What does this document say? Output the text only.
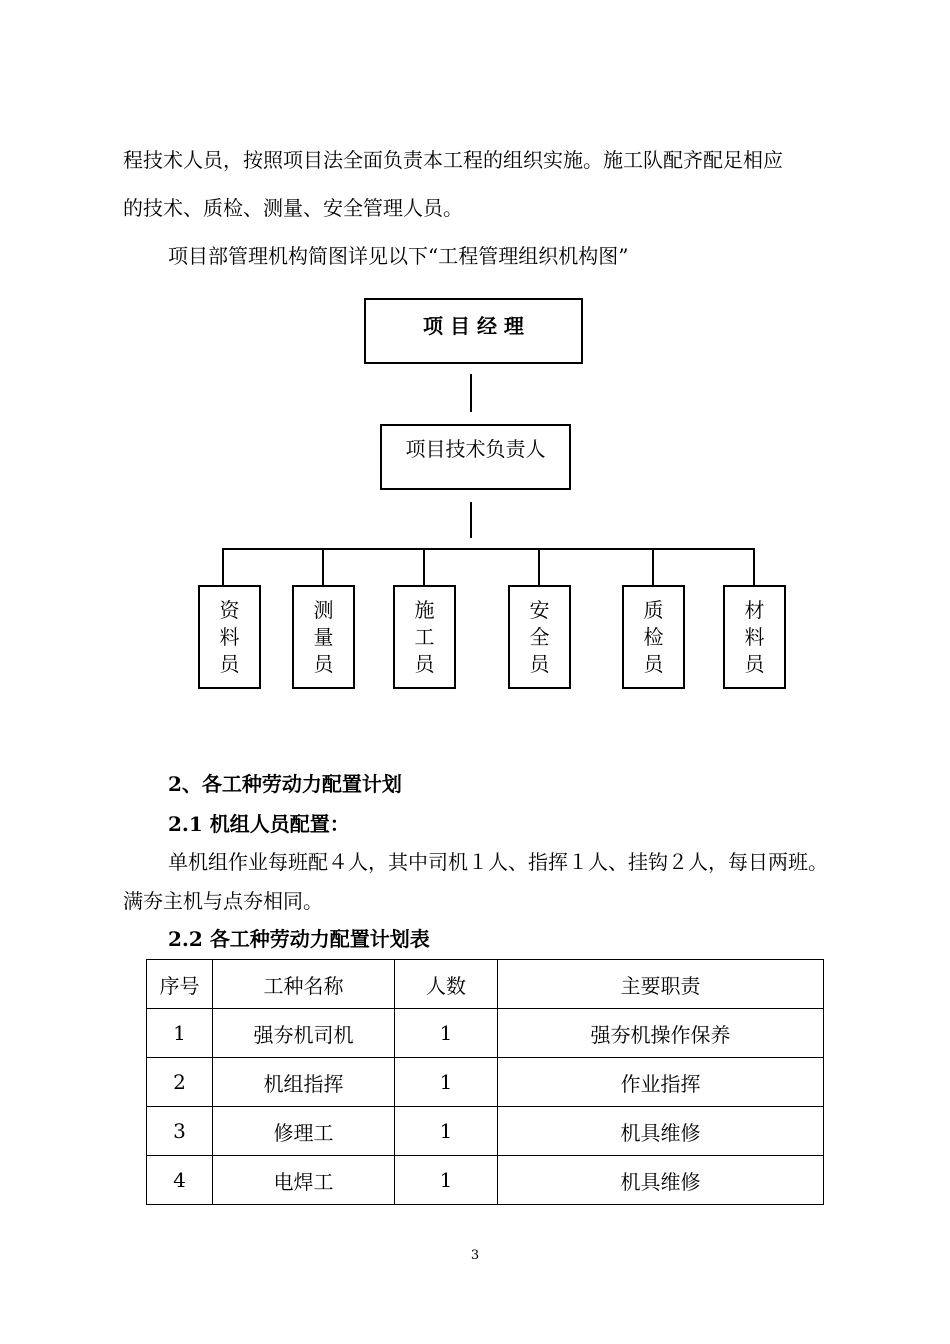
程技术人员，按照项目法全面负责本工程的组织实施。施工队配齐配足相应
的技术、质检、测量、安全管理人员。
项目部管理机构简图详见以下“工程管理组织机构图”
项 目 经 理
项目技术负责人
资
料
员
测
量
员
施
工
员
安
全
员
质
检
员
材
料
员
2、各工种劳动力配置计划
2.1 机组人员配置：
单机组作业每班配４人，其中司机１人、指挥１人、挂钩２人，每日两班。
满夯主机与点夯相同。
2.2 各工种劳动力配置计划表
序号	工种名称	人数	主要职责
1	强夯机司机	1	强夯机操作保养
2	机组指挥	1	作业指挥
3	修理工	1	机具维修
4	电焊工	1	机具维修
3
